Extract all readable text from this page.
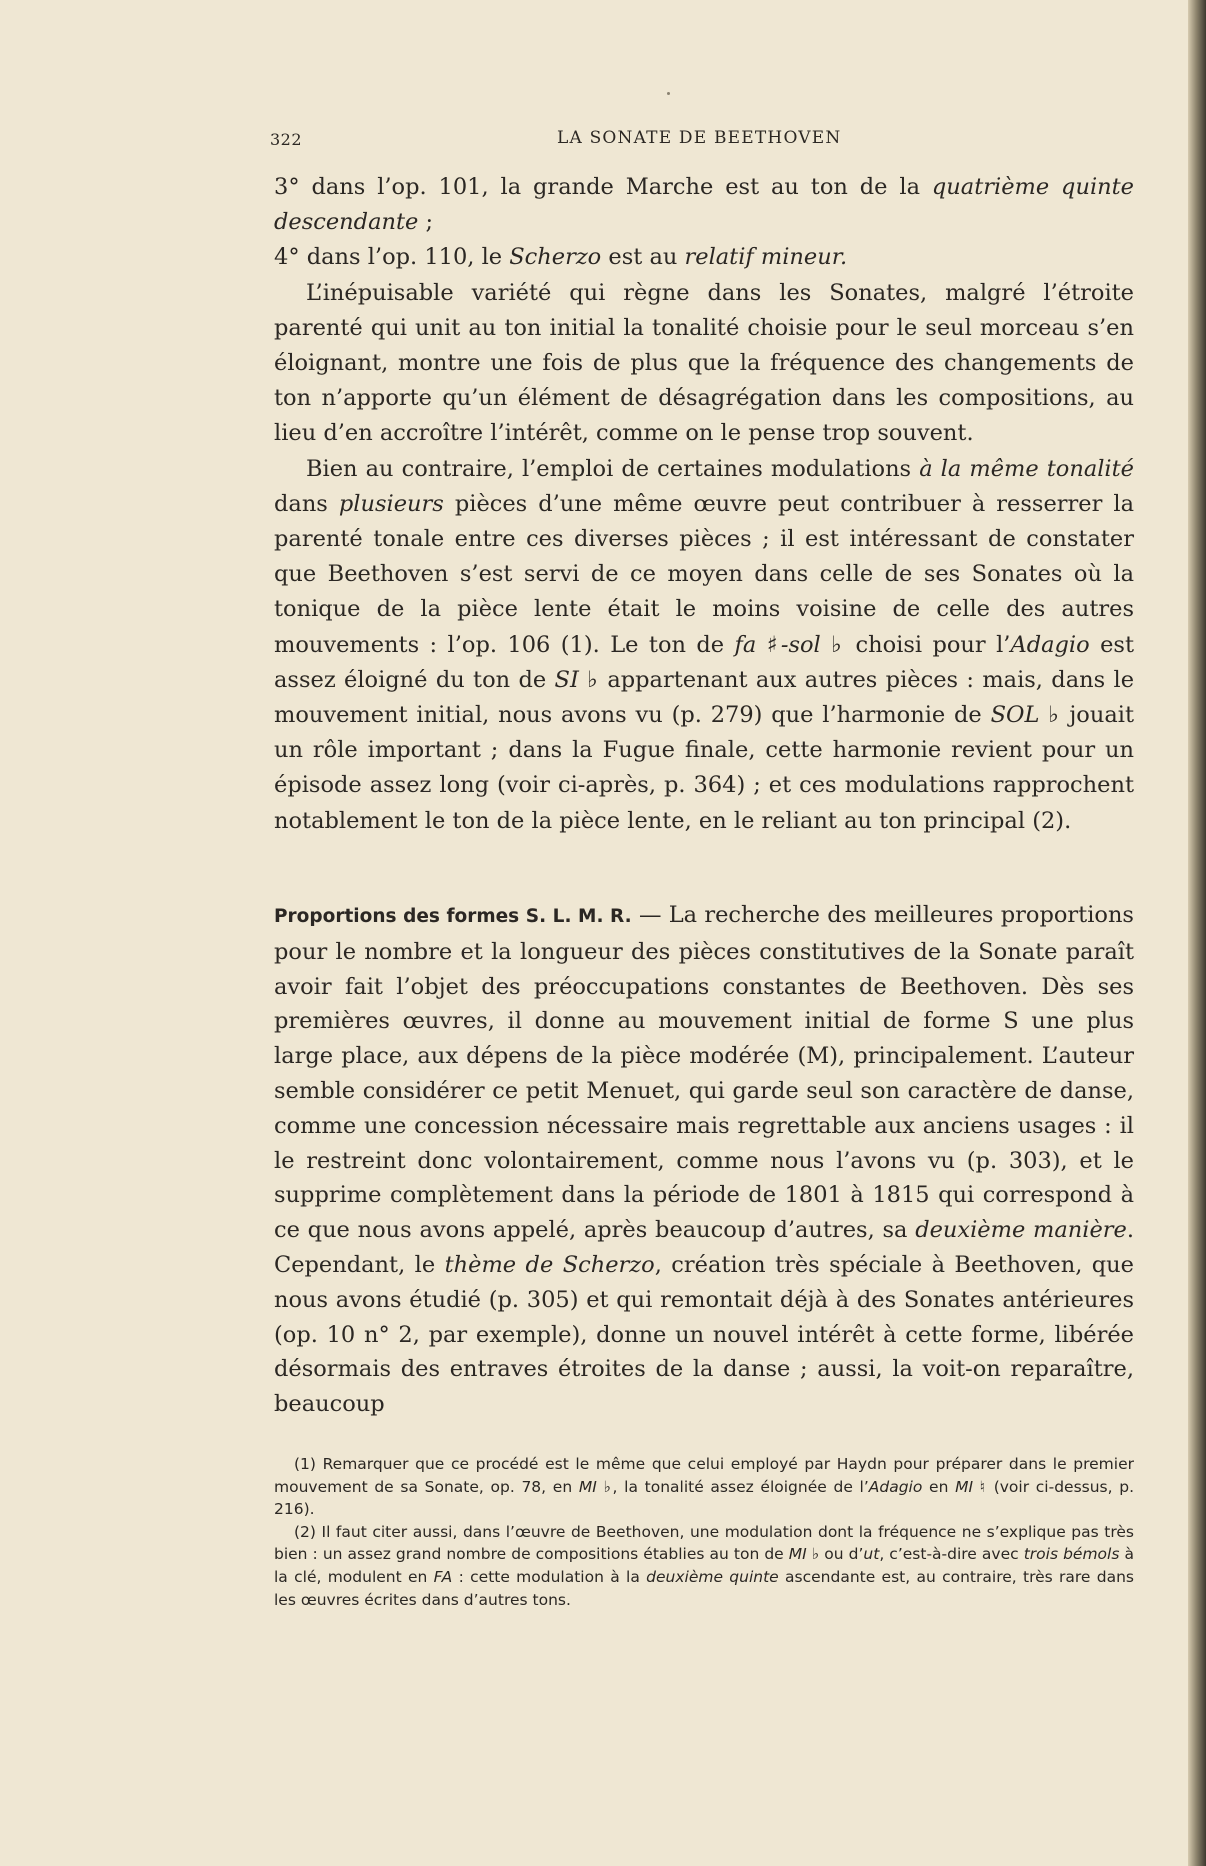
322	LA SONATE DE BEETHOVEN

3° dans l’op. 101, la grande Marche est au ton de la quatrième quinte descendante ;

4° dans l’op. 110, le Scherzo est au relatif mineur.

L’inépuisable variété qui règne dans les Sonates, malgré l’étroite parenté qui unit au ton initial la tonalité choisie pour le seul morceau s’en éloignant, montre une fois de plus que la fréquence des changements de ton n’apporte qu’un élément de désagrégation dans les compositions, au lieu d’en accroître l’intérêt, comme on le pense trop souvent.

Bien au contraire, l’emploi de certaines modulations à la même tonalité dans plusieurs pièces d’une même œuvre peut contribuer à resserrer la parenté tonale entre ces diverses pièces ; il est intéressant de constater que Beethoven s’est servi de ce moyen dans celle de ses Sonates où la tonique de la pièce lente était le moins voisine de celle des autres mouvements : l’op. 106 (1). Le ton de fa ♯-sol ♭ choisi pour l’Adagio est assez éloigné du ton de SI ♭ appartenant aux autres pièces : mais, dans le mouvement initial, nous avons vu (p. 279) que l’harmonie de SOL ♭ jouait un rôle important ; dans la Fugue finale, cette harmonie revient pour un épisode assez long (voir ci-après, p. 364) ; et ces modulations rapprochent notablement le ton de la pièce lente, en le reliant au ton principal (2).

Proportions des formes S. L. M. R. — La recherche des meilleures proportions pour le nombre et la longueur des pièces constitutives de la Sonate paraît avoir fait l’objet des préoccupations constantes de Beethoven. Dès ses premières œuvres, il donne au mouvement initial de forme S une plus large place, aux dépens de la pièce modérée (M), principalement. L’auteur semble considérer ce petit Menuet, qui garde seul son caractère de danse, comme une concession nécessaire mais regrettable aux anciens usages : il le restreint donc volontairement, comme nous l’avons vu (p. 303), et le supprime complètement dans la période de 1801 à 1815 qui correspond à ce que nous avons appelé, après beaucoup d’autres, sa deuxième manière. Cependant, le thème de Scherzo, création très spéciale à Beethoven, que nous avons étudié (p. 305) et qui remontait déjà à des Sonates antérieures (op. 10 n° 2, par exemple), donne un nouvel intérêt à cette forme, libérée désormais des entraves étroites de la danse ; aussi, la voit-on reparaître, beaucoup

(1) Remarquer que ce procédé est le même que celui employé par Haydn pour préparer dans le premier mouvement de sa Sonate, op. 78, en MI ♭, la tonalité assez éloignée de l’Adagio en MI ♮ (voir ci-dessus, p. 216).

(2) Il faut citer aussi, dans l’œuvre de Beethoven, une modulation dont la fréquence ne s’explique pas très bien : un assez grand nombre de compositions établies au ton de MI ♭ ou d’ut, c’est-à-dire avec trois bémols à la clé, modulent en FA : cette modulation à la deuxième quinte ascendante est, au contraire, très rare dans les œuvres écrites dans d’autres tons.
